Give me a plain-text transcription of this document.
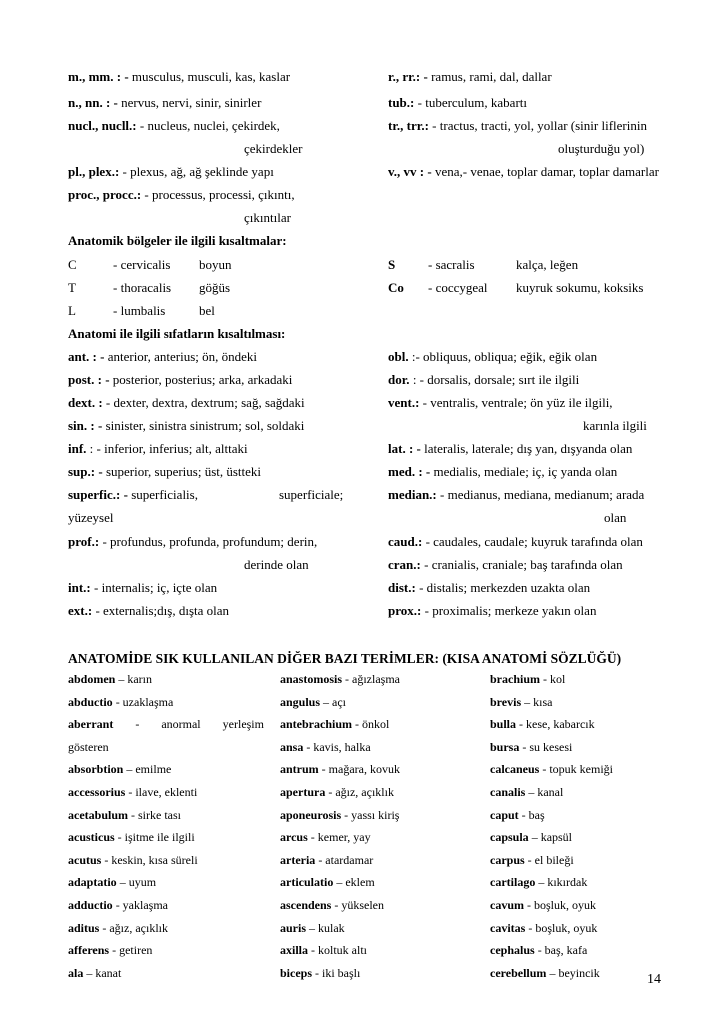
m., mm. : - musculus, musculi, kas, kaslar
n., nn. : - nervus, nervi, sinir, sinirler
nucl., nucll.: - nucleus, nuclei, çekirdek,
çekirdekler
pl., plex.: - plexus, ağ, ağ şeklinde yapı
proc., procc.: - processus, processi, çıkıntı,
çıkıntılar
r., rr.: - ramus, rami, dal, dallar
tub.: - tuberculum, kabartı
tr., trr.: - tractus, tracti, yol, yollar (sinir liflerinin
oluşturduğu yol)
v., vv : - vena,- venae, toplar damar, toplar damarlar
Anatomik bölgeler ile ilgili kısaltmalar:
C	- cervicalis boyun
T	- thoracalis göğüs
L	- lumbalis	bel
S	- sacralis	kalça, leğen
Co - coccygeal kuyruk sokumu, koksiks
Anatomi ile ilgili sıfatların kısaltılması:
ant. : - anterior, anterius; ön, öndeki
post. : - posterior, posterius; arka, arkadaki
dext. : - dexter, dextra, dextrum; sağ, sağdaki
sin. : - sinister, sinistra sinistrum; sol, soldaki
inf. : - inferior, inferius; alt, alttaki
sup.: - superior, superius; üst, üstteki
superfic.: - superficialis,	superficiale;
yüzeysel
prof.: - profundus, profunda, profundum; derin,
derinde olan
int.: - internalis; iç, içte olan
ext.: - externalis;dış, dışta olan
obl. :- obliquus, obliqua; eğik, eğik olan
dor. : - dorsalis, dorsale; sırt ile ilgili
vent.: - ventralis, ventrale; ön yüz ile ilgili,
karınla ilgili
lat. : - lateralis, laterale; dış yan, dışyanda olan
med. : - medialis, mediale; iç, iç yanda olan
median.: - medianus, mediana, medianum; arada
olan
caud.: - caudales, caudale; kuyruk tarafında olan
cran.: - cranialis, craniale; baş tarafında olan
dist.: - distalis; merkezden uzakta olan
prox.: - proximalis; merkeze yakın olan
ANATOMİDE SIK KULLANILAN DİĞER BAZI TERİMLER: (KISA ANATOMİ SÖZLÜĞÜ)
abdomen – karın
abductio - uzaklaşma
aberrant - anormal yerleşim
gösteren
absorbtion – emilme
accessorius - ilave, eklenti
acetabulum - sirke tası
acusticus - işitme ile ilgili
acutus - keskin, kısa süreli
adaptatio – uyum
adductio - yaklaşma
aditus - ağız, açıklık
afferens - getiren
ala – kanat
anastomosis - ağızlaşma
angulus – açı
antebrachium - önkol
ansa - kavis, halka
antrum - mağara, kovuk
apertura - ağız, açıklık
aponeurosis - yassı kiriş
arcus - kemer, yay
arteria - atardamar
articulatio – eklem
ascendens - yükselen
auris – kulak
axilla - koltuk altı
biceps - iki başlı
brachium - kol
brevis – kısa
bulla - kese, kabarcık
bursa - su kesesi
calcaneus - topuk kemiği
canalis – kanal
caput - baş
capsula – kapsül
carpus - el bileği
cartilago – kıkırdak
cavum - boşluk, oyuk
cavitas - boşluk, oyuk
cephalus - baş, kafa
cerebellum – beyincik	14
